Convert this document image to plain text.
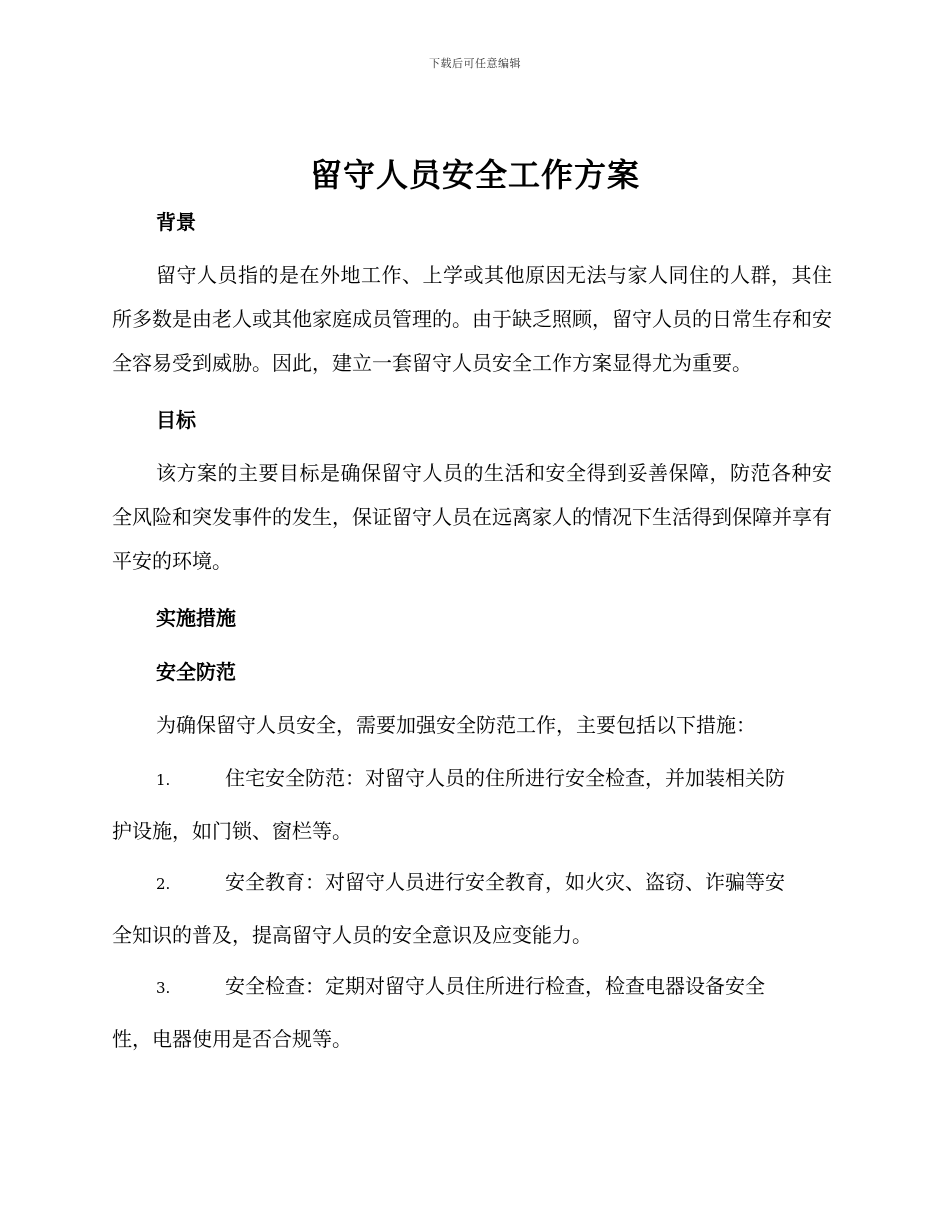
下载后可任意编辑
留守人员安全工作方案
背景

留守人员指的是在外地工作、上学或其他原因无法与家人同住的人群，其住所多数是由老人或其他家庭成员管理的。由于缺乏照顾，留守人员的日常生存和安全容易受到威胁。因此，建立一套留守人员安全工作方案显得尤为重要。

目标

该方案的主要目标是确保留守人员的生活和安全得到妥善保障，防范各种安全风险和突发事件的发生，保证留守人员在远离家人的情况下生活得到保障并享有平安的环境。

实施措施
安全防范

为确保留守人员安全，需要加强安全防范工作，主要包括以下措施：

1.	住宅安全防范：对留守人员的住所进行安全检查，并加装相关防
护设施，如门锁、窗栏等。
2.	安全教育：对留守人员进行安全教育，如火灾、盗窃、诈骗等安
全知识的普及，提高留守人员的安全意识及应变能力。
3.	安全检查：定期对留守人员住所进行检查，检查电器设备安全
性，电器使用是否合规等。
